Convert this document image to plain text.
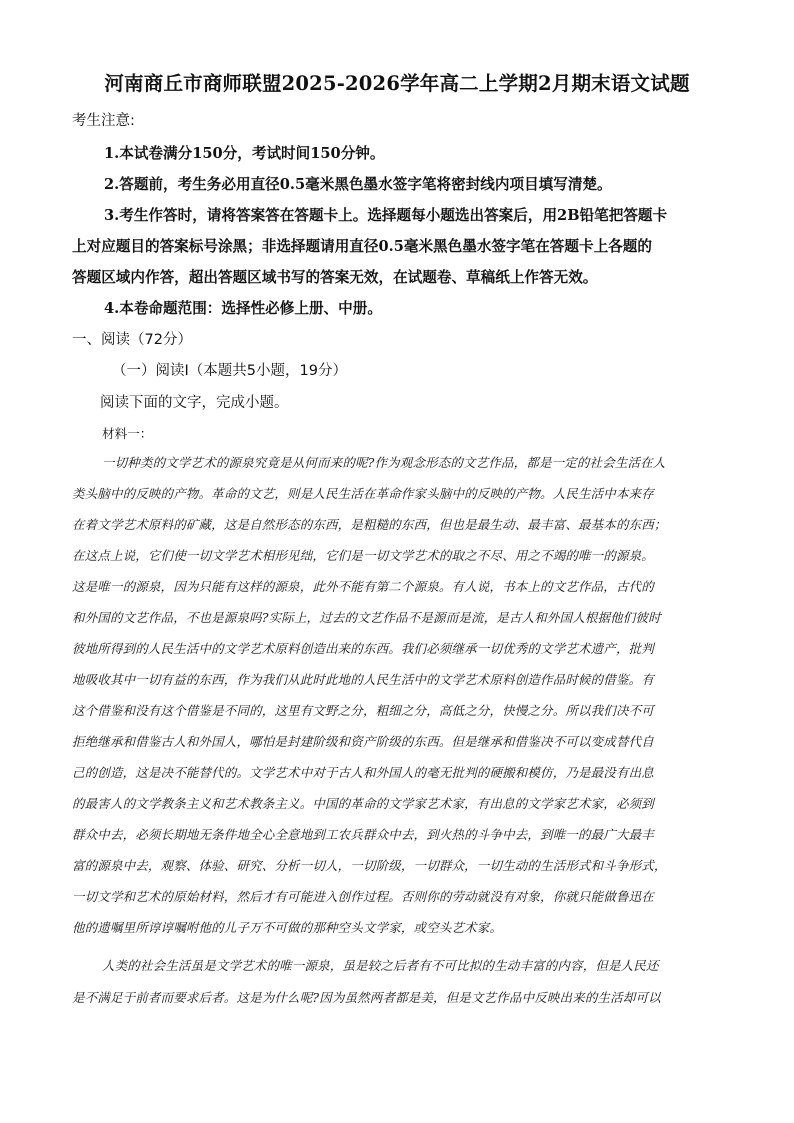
河南商丘市商师联盟2025-2026学年高二上学期2月期末语文试题
考生注意:
1.本试卷满分150分，考试时间150分钟。
2.答题前，考生务必用直径0.5毫米黑色墨水签字笔将密封线内项目填写清楚。
3.考生作答时，请将答案答在答题卡上。选择题每小题选出答案后，用2B铅笔把答题卡
上对应题目的答案标号涂黑；非选择题请用直径0.5毫米黑色墨水签字笔在答题卡上各题的
答题区域内作答，超出答题区域书写的答案无效，在试题卷、草稿纸上作答无效。
4.本卷命题范围：选择性必修上册、中册。
一、阅读（72分）
（一）阅读Ⅰ（本题共5小题，19分）
阅读下面的文字，完成小题。
材料一：
一切种类的文学艺术的源泉究竟是从何而来的呢?作为观念形态的文艺作品，都是一定的社会生活在人
类头脑中的反映的产物。革命的文艺，则是人民生活在革命作家头脑中的反映的产物。人民生活中本来存
在着文学艺术原料的矿藏，这是自然形态的东西，是粗糙的东西，但也是最生动、最丰富、最基本的东西；
在这点上说，它们使一切文学艺术相形见绌，它们是一切文学艺术的取之不尽、用之不竭的唯一的源泉。
这是唯一的源泉，因为只能有这样的源泉，此外不能有第二个源泉。有人说，书本上的文艺作品，古代的
和外国的文艺作品，不也是源泉吗?实际上，过去的文艺作品不是源而是流，是古人和外国人根据他们彼时
彼地所得到的人民生活中的文学艺术原料创造出来的东西。我们必须继承一切优秀的文学艺术遗产，批判
地吸收其中一切有益的东西，作为我们从此时此地的人民生活中的文学艺术原料创造作品时候的借鉴。有
这个借鉴和没有这个借鉴是不同的，这里有文野之分，粗细之分，高低之分，快慢之分。所以我们决不可
拒绝继承和借鉴古人和外国人，哪怕是封建阶级和资产阶级的东西。但是继承和借鉴决不可以变成替代自
己的创造，这是决不能替代的。文学艺术中对于古人和外国人的毫无批判的硬搬和模仿，乃是最没有出息
的最害人的文学教条主义和艺术教条主义。中国的革命的文学家艺术家，有出息的文学家艺术家，必须到
群众中去，必须长期地无条件地全心全意地到工农兵群众中去，到火热的斗争中去，到唯一的最广大最丰
富的源泉中去，观察、体验、研究、分析一切人，一切阶级，一切群众，一切生动的生活形式和斗争形式，
一切文学和艺术的原始材料，然后才有可能进入创作过程。否则你的劳动就没有对象，你就只能做鲁迅在
他的遗嘱里所谆谆嘱咐他的儿子万不可做的那种空头文学家，或空头艺术家。
人类的社会生活虽是文学艺术的唯一源泉，虽是较之后者有不可比拟的生动丰富的内容，但是人民还
是不满足于前者而要求后者。这是为什么呢?因为虽然两者都是美，但是文艺作品中反映出来的生活却可以
